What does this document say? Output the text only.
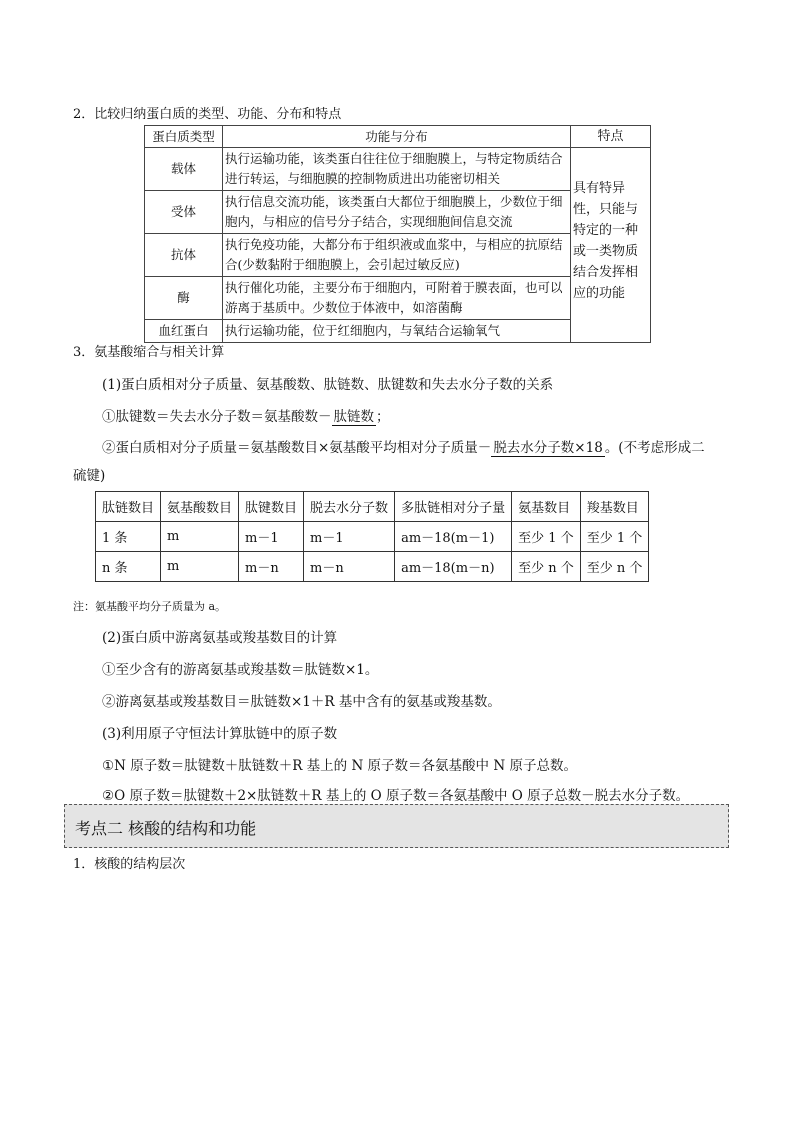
2．比较归纳蛋白质的类型、功能、分布和特点
蛋白质类型	功能与分布	特点
载体	执行运输功能，该类蛋白往往位于细胞膜上，与特定物质结合进行转运，与细胞膜的控制物质进出功能密切相关	具有特异性，只能与特定的一种或一类物质结合发挥相应的功能
受体	执行信息交流功能，该类蛋白大都位于细胞膜上，少数位于细胞内，与相应的信号分子结合，实现细胞间信息交流	
抗体	执行免疫功能，大都分布于组织液或血浆中，与相应的抗原结合(少数黏附于细胞膜上，会引起过敏反应)	
酶	执行催化功能，主要分布于细胞内，可附着于膜表面，也可以游离于基质中。少数位于体液中，如溶菌酶	
血红蛋白	执行运输功能，位于红细胞内，与氧结合运输氧气	
3．氨基酸缩合与相关计算
(1)蛋白质相对分子质量、氨基酸数、肽链数、肽键数和失去水分子数的关系
①肽键数＝失去水分子数＝氨基酸数－ 肽链数 ；
②蛋白质相对分子质量＝氨基酸数目×氨基酸平均相对分子质量－ 脱去水分子数×18 。(不考虑形成二
硫键)
肽链数目	氨基酸数目	肽键数目	脱去水分子数	多肽链相对分子量	氨基数目	羧基数目
1 条	m	m－1	m－1	am－18(m－1)	至少 1 个	至少 1 个
n 条	m	m－n	m－n	am－18(m－n)	至少 n 个	至少 n 个
注：氨基酸平均分子质量为 a。
(2)蛋白质中游离氨基或羧基数目的计算
①至少含有的游离氨基或羧基数＝肽链数×1。
②游离氨基或羧基数目＝肽链数×1＋R 基中含有的氨基或羧基数。
(3)利用原子守恒法计算肽链中的原子数
①N 原子数＝肽键数＋肽链数＋R 基上的 N 原子数＝各氨基酸中 N 原子总数。
②O 原子数＝肽键数＋2×肽链数＋R 基上的 O 原子数＝各氨基酸中 O 原子总数－脱去水分子数。
考点二 核酸的结构和功能
1．核酸的结构层次
